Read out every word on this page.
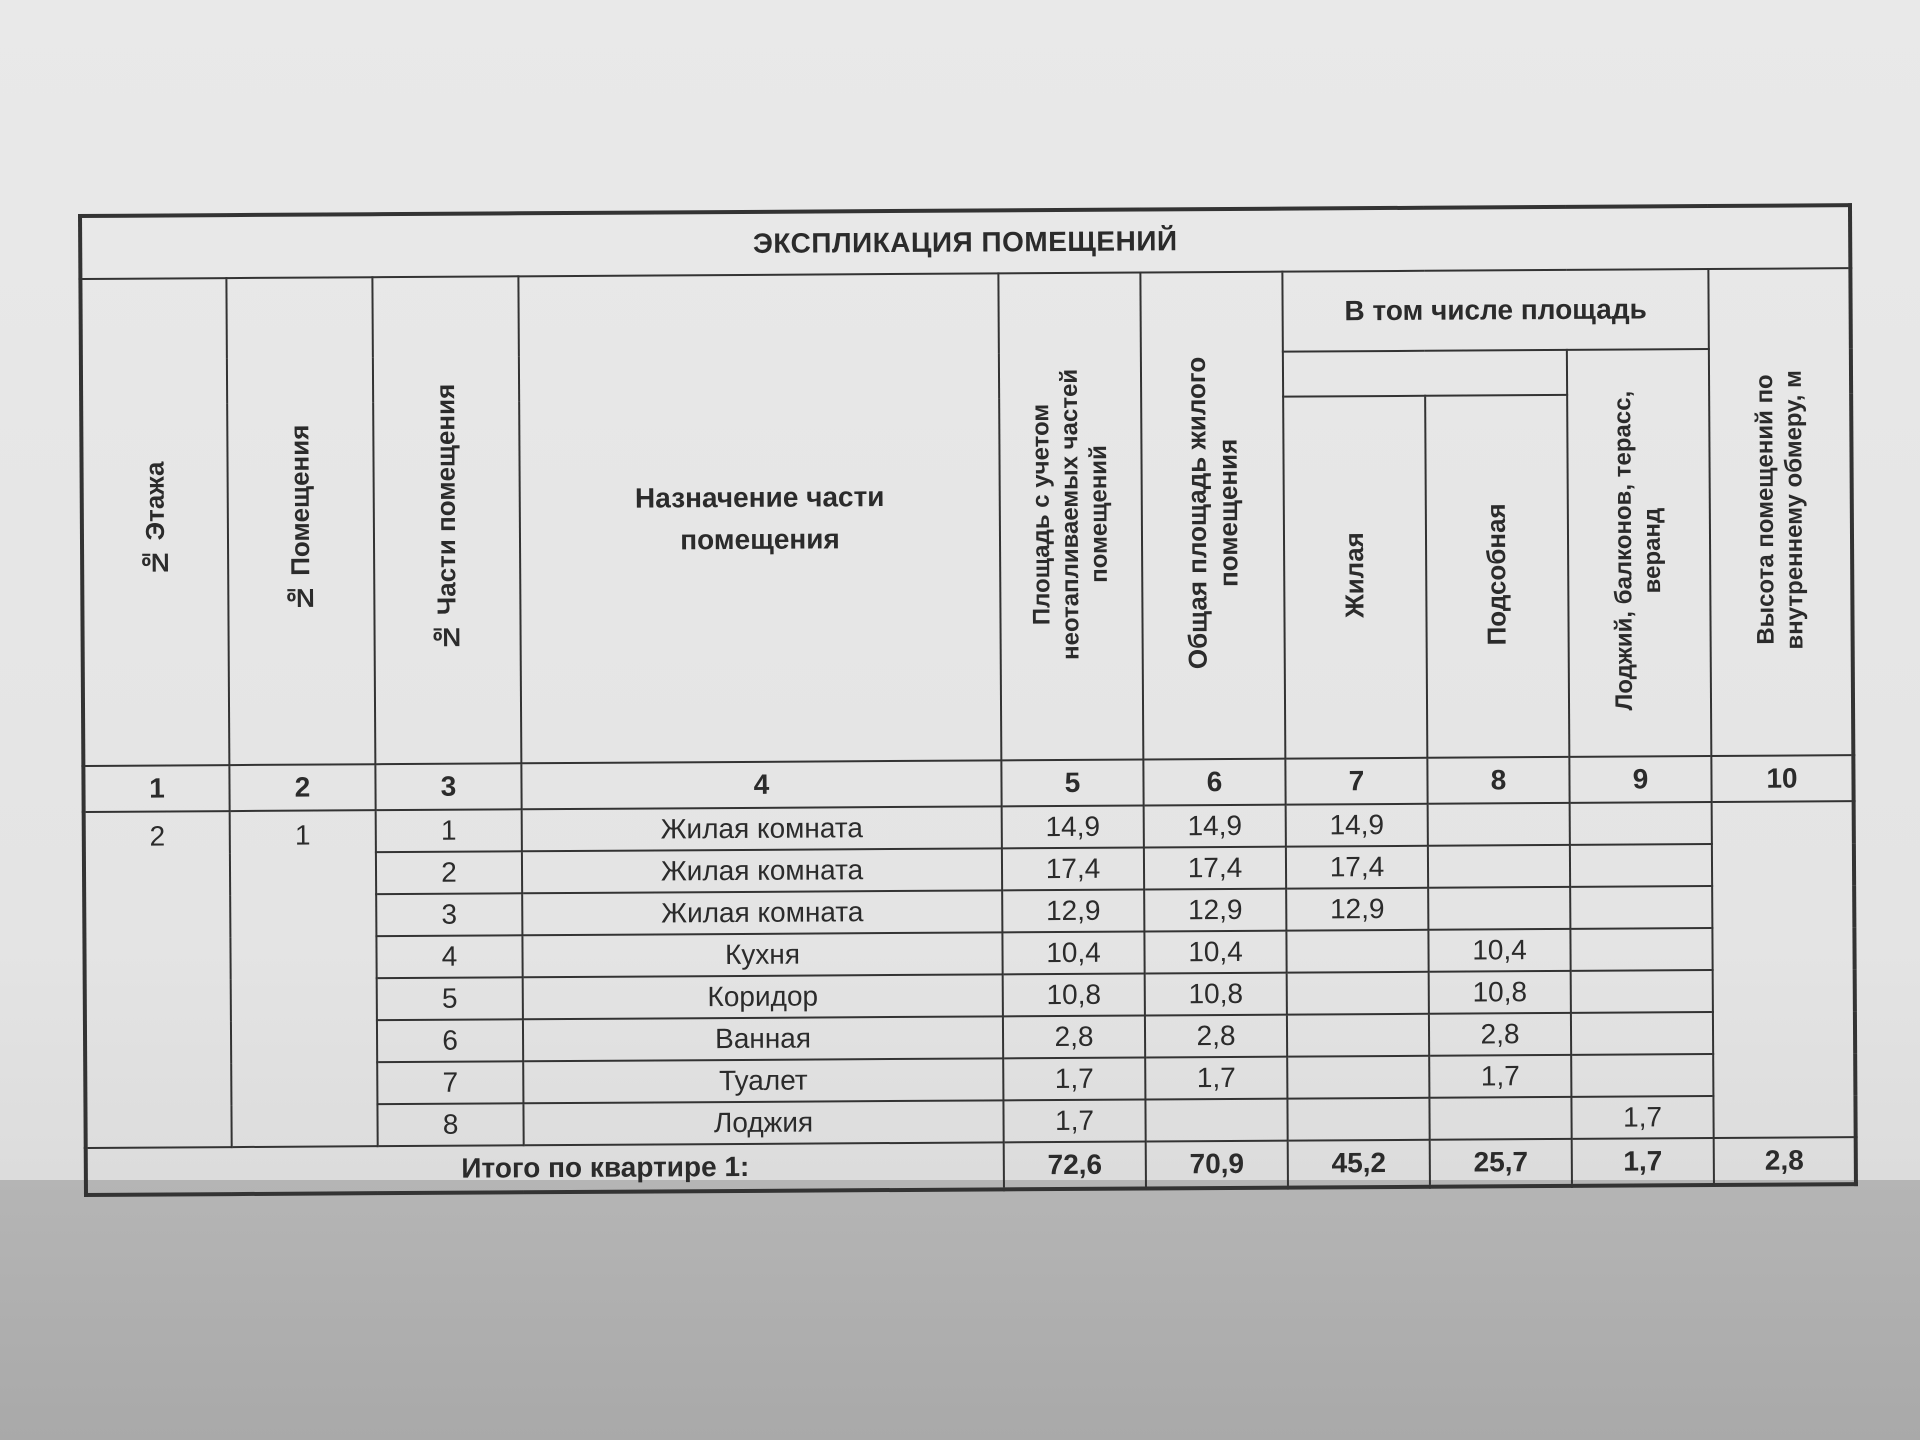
ЭКСПЛИКАЦИЯ ПОМЕЩЕНИЙ									
№ Этажа	№ Помещения	№ Части помещения	Назначение части помещения	Площадь с учетом неотапливаемых частей помещений	Общая площадь жилого помещения	В том числе площадь			Высота помещений по внутреннему обмеру, м
								Лоджий, балконов, терасс, веранд	
						Жилая	Подсобная		
1	2	3	4	5	6	7	8	9	10
2	1	1	Жилая комната	14,9	14,9	14,9			
		2	Жилая комната	17,4	17,4	17,4			
		3	Жилая комната	12,9	12,9	12,9			
		4	Кухня	10,4	10,4		10,4		
		5	Коридор	10,8	10,8		10,8		
		6	Ванная	2,8	2,8		2,8		
		7	Туалет	1,7	1,7		1,7		
		8	Лоджия	1,7				1,7	
Итого по квартире 1:				72,6	70,9	45,2	25,7	1,7	2,8
